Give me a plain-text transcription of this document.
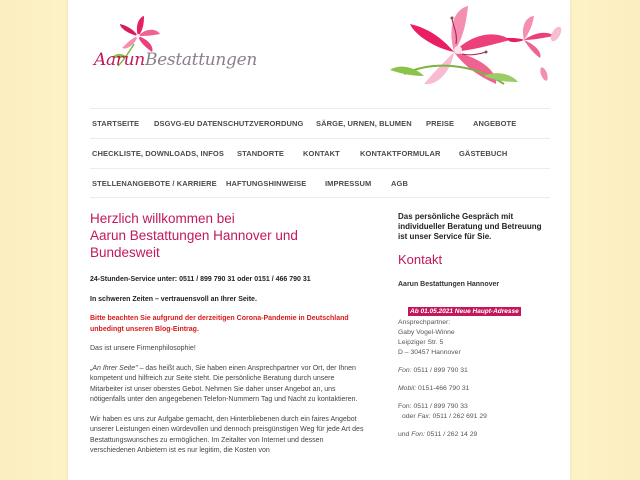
AarunBestattungen
STARTSEITE DSGVG-EU DATENSCHUTZVERORDUNG SÄRGE, URNEN, BLUMEN PREISE	ANGEBOTE
CHECKLISTE, DOWNLOADS, INFOS STANDORTE	KONTAKT	KONTAKTFORMULAR GÄSTEBUCH
STELLENANGEBOTE / KARRIERE HAFTUNGSHINWEISE IMPRESSUM	AGB
Herzlich willkommen bei
Aarun Bestattungen Hannover und
Bundesweit

24-Stunden-Service unter: 0511 / 899 790 31 oder 0151 / 466 790 31

In schweren Zeiten – vertrauensvoll an Ihrer Seite.

Bitte beachten Sie aufgrund der derzeitigen Corona-Pandemie in Deutschland unbedingt unseren Blog-Eintrag.

Das ist unsere Firmenphilosophie!

„An Ihrer Seite" – das heißt auch, Sie haben einen Ansprechpartner vor Ort, der Ihnen kompetent und hilfreich zur Seite steht. Die persönliche Beratung durch unsere Mitarbeiter ist unser oberstes Gebot. Nehmen Sie daher unser Angebot an, uns nötigenfalls unter den angegebenen Telefon-Nummern Tag und Nacht zu kontaktieren.

Wir haben es uns zur Aufgabe gemacht, den Hinterbliebenen durch ein faires Angebot unserer Leistungen einen würdevollen und dennoch preisgünstigen Weg für jede Art des Bestattungswunsches zu ermöglichen. Im Zeitalter von Internet und dessen verschiedenen Anbietern ist es nur legitim, die Kosten von

Das persönliche Gespräch mit individueller Beratung und Betreuung ist unser Service für Sie.
Kontakt
Aarun Bestattungen Hannover
Ab 01.05.2021 Neue Haupt-Adresse
Ansprechpartner:
Gaby Vogel-Winne
Leipziger Str. 5
D – 30457 Hannover
Fon: 0511 / 899 790 31
Mobil: 0151-466 790 31
Fon: 0511 / 899 790 33
oder Fax: 0511 / 262 691 29
und Fon: 0511 / 262 14 29
